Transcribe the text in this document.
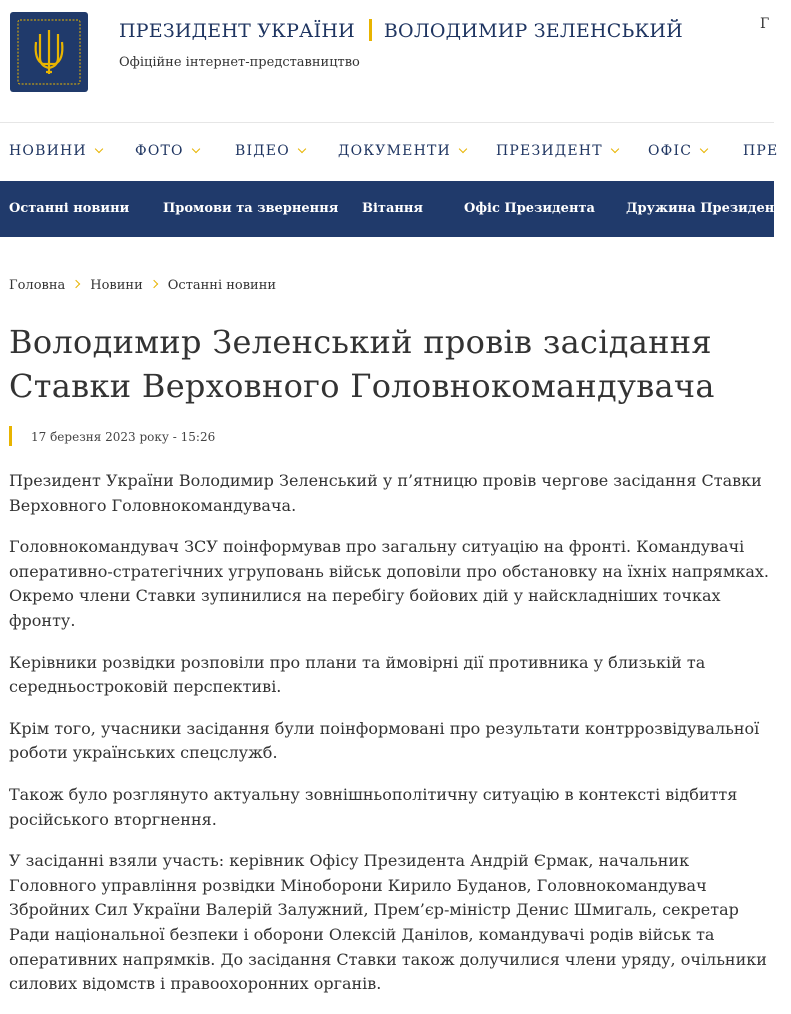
ПРЕЗИДЕНТ УКРАЇНИ ВОЛОДИМИР ЗЕЛЕНСЬКИЙ
Офіційне інтернет-представництво
Г
НОВИНИ	ФОТО	ВІДЕО	ДОКУМЕНТИ	ПРЕЗИДЕНТ	ОФІС	ПРЕ
Останні новини	Промови та звернення Вітання	Офіс Президента Дружина Президента
Головна Новини Останні новини
Володимир Зеленський провів засідання Ставки Верховного Головнокомандувача
17 березня 2023 року - 15:26

Президент України Володимир Зеленський у п’ятницю провів чергове засідання Ставки Верховного Головнокомандувача.

Головнокомандувач ЗСУ поінформував про загальну ситуацію на фронті. Командувачі оперативно-стратегічних угруповань військ доповіли про обстановку на їхніх напрямках. Окремо члени Ставки зупинилися на перебігу бойових дій у найскладніших точках фронту.

Керівники розвідки розповіли про плани та ймовірні дії противника у близькій та середньостроковій перспективі.

Крім того, учасники засідання були поінформовані про результати контррозвідувальної роботи українських спецслужб.

Також було розглянуто актуальну зовнішньополітичну ситуацію в контексті відбиття російського вторгнення.

У засіданні взяли участь: керівник Офісу Президента Андрій Єрмак, начальник Головного управління розвідки Міноборони Кирило Буданов, Головнокомандувач Збройних Сил України Валерій Залужний, Прем’єр-міністр Денис Шмигаль, секретар Ради національної безпеки і оборони Олексій Данілов, командувачі родів військ та оперативних напрямків. До засідання Ставки також долучилися члени уряду, очільники силових відомств і правоохоронних органів.
